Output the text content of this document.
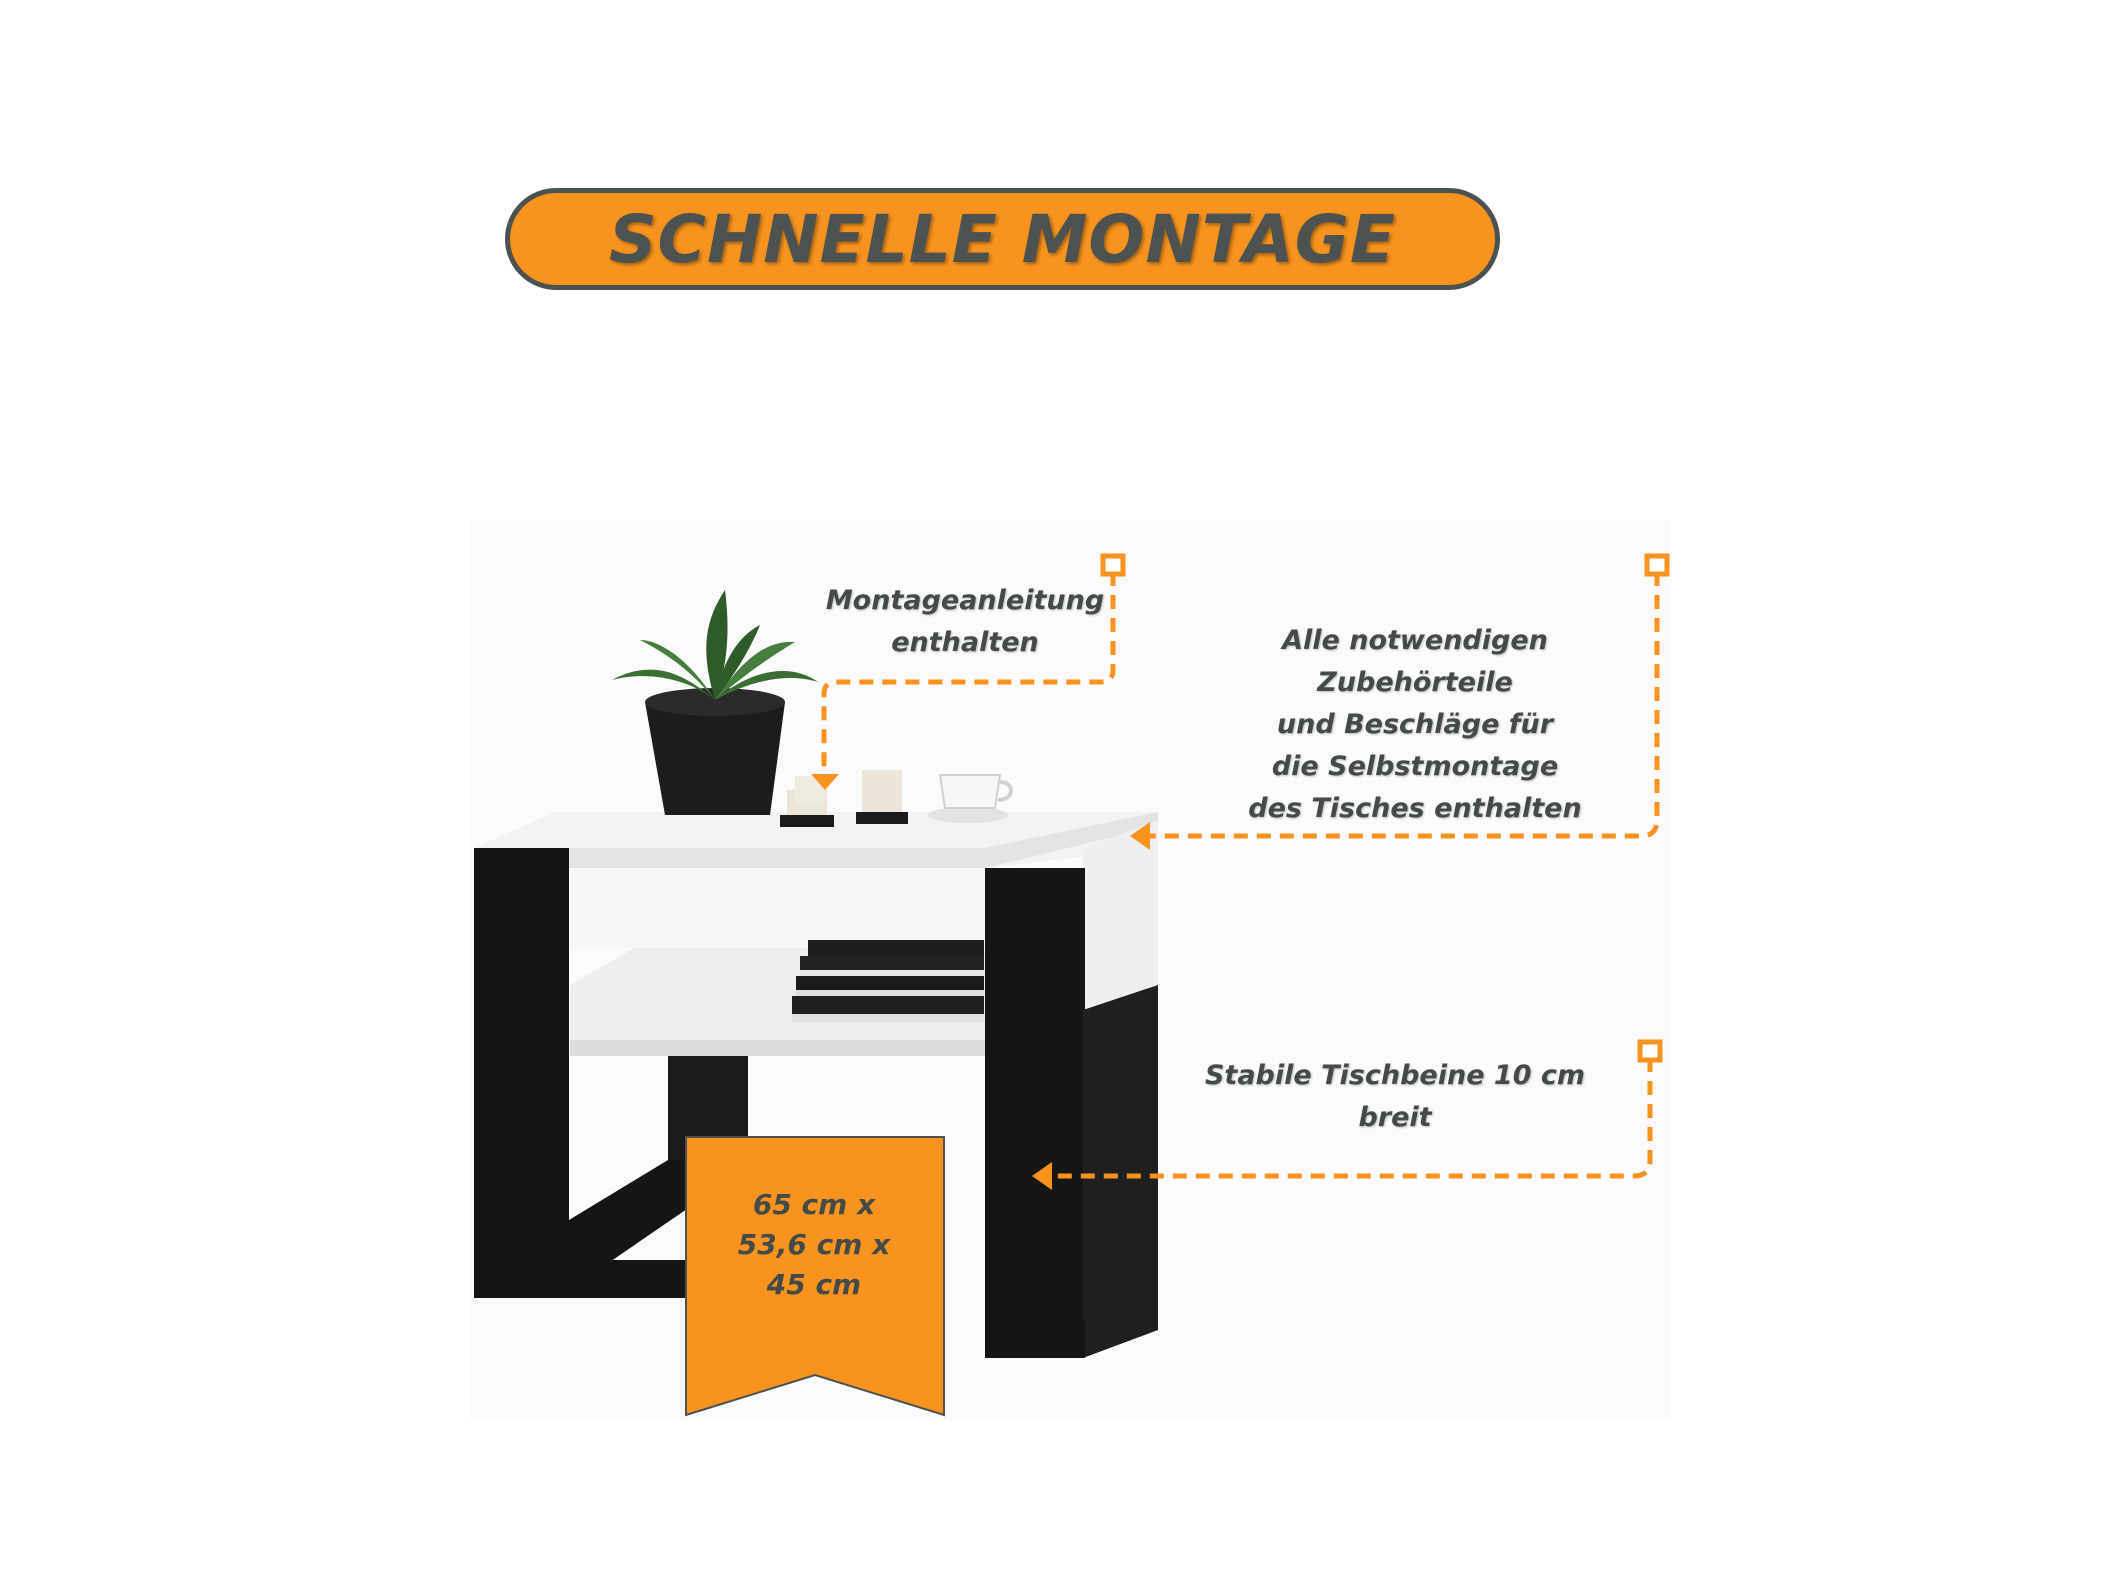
SCHNELLE MONTAGE
Montageanleitung
enthalten	Alle notwendigen Zubehörteile
und Beschläge für
die Selbstmontage
des Tisches enthalten
Stabile Tischbeine 10 cm
breit
65 cm x
53,6 cm x
45 cm
